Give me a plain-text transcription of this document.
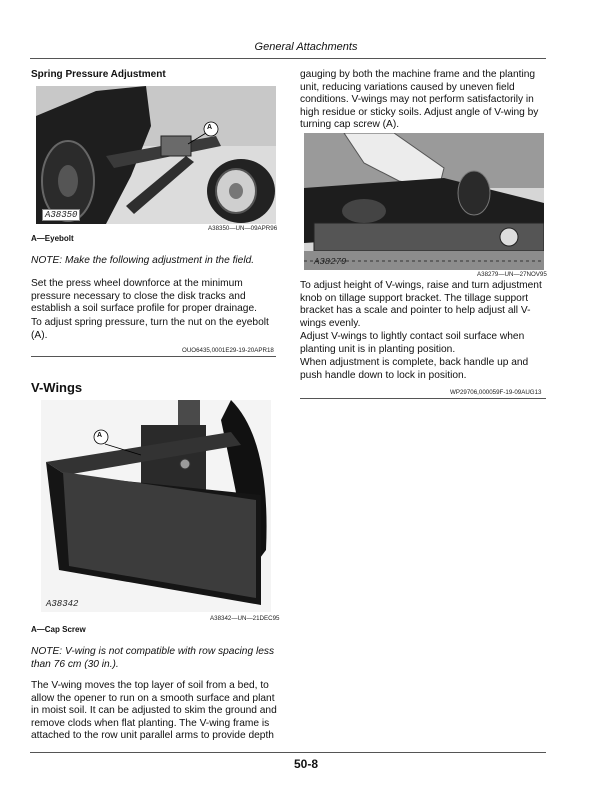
General Attachments
Spring Pressure Adjustment
A
A38350
A38350—UN—09APR96
A—Eyebolt
NOTE: Make the following adjustment in the field.
Set the press wheel downforce at the minimum pressure necessary to close the disk tracks and establish a soil surface profile for proper drainage.
To adjust spring pressure, turn the nut on the eyebolt (A).
OUO6435,0001E29-19-20APR18
V-Wings
A
A38342
A38342—UN—21DEC95
A—Cap Screw
NOTE: V-wing is not compatible with row spacing less than 76 cm (30 in.).
The V-wing moves the top layer of soil from a bed, to allow the opener to run on a smooth surface and plant in moist soil. It can be adjusted to skim the ground and remove clods when flat planting. The V-wing frame is attached to the row unit parallel arms to provide depth
gauging by both the machine frame and the planting unit, reducing variations caused by uneven field conditions. V-wings may not perform satisfactorily in high residue or sticky soils. Adjust angle of V-wing by turning cap screw (A).
A38279
A38279—UN—27NOV95
To adjust height of V-wings, raise and turn adjustment knob on tillage support bracket. The tillage support bracket has a scale and pointer to help adjust all V-wings evenly.
Adjust V-wings to lightly contact soil surface when planting unit is in planting position.
When adjustment is complete, back handle up and push handle down to lock in position.
WP29706,000059F-19-09AUG13
50-8
